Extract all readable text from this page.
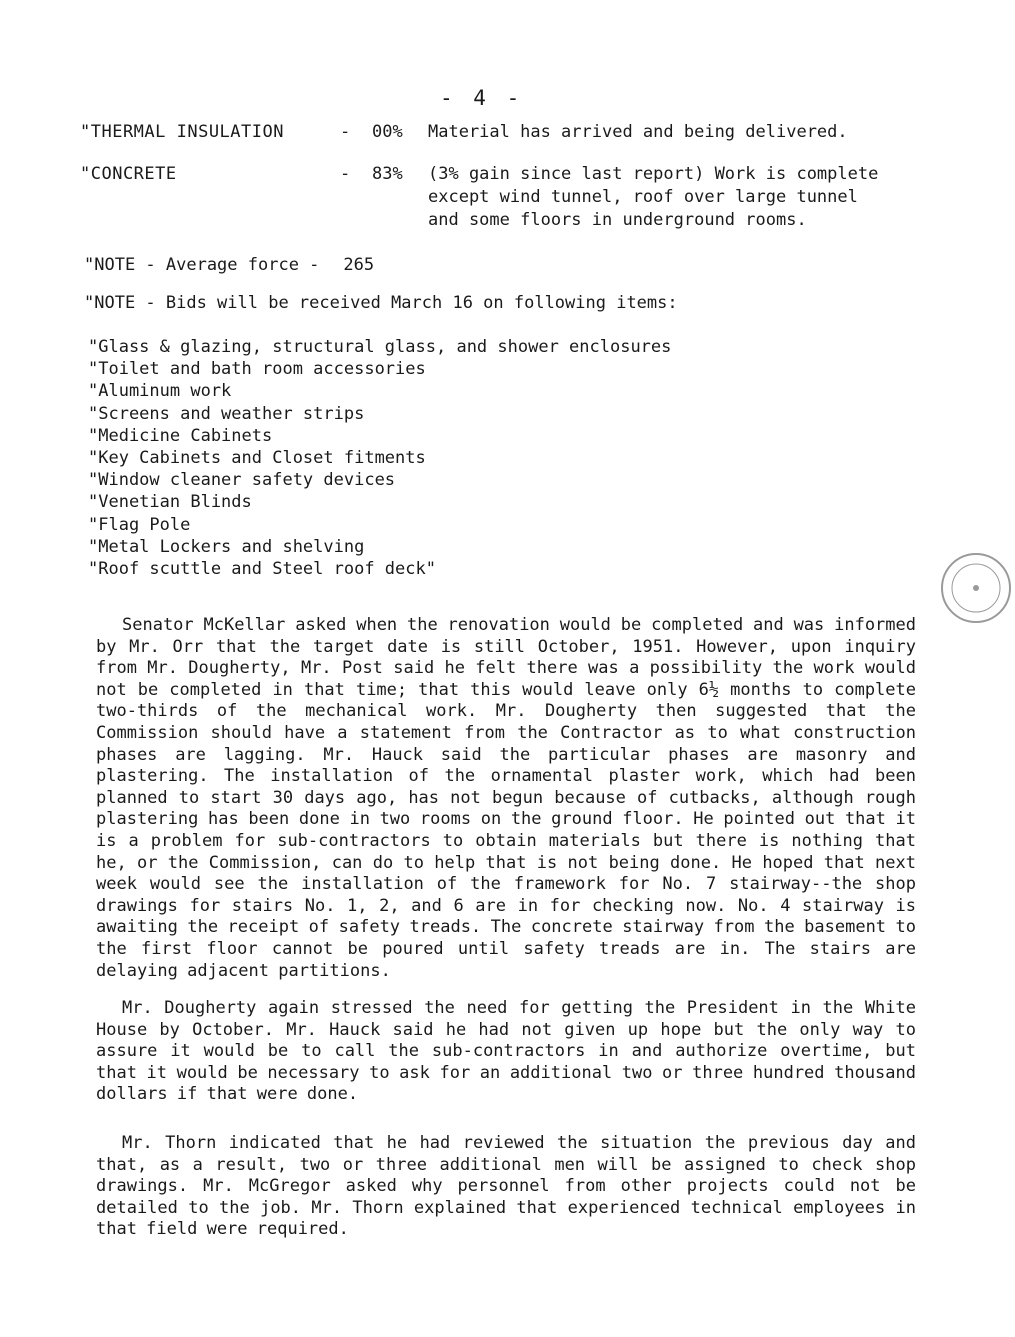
- 4 -
"THERMAL INSULATION	- 00% Material has arrived and being delivered.
"CONCRETE	- 83% (3% gain since last report) Work is complete
except wind tunnel, roof over large tunnel
and some floors in underground rooms.
"NOTE - Average force - 265
"NOTE - Bids will be received March 16 on following items:
"Glass & glazing, structural glass, and shower enclosures
"Toilet and bath room accessories
"Aluminum work
"Screens and weather strips
"Medicine Cabinets
"Key Cabinets and Closet fitments
"Window cleaner safety devices
"Venetian Blinds
"Flag Pole
"Metal Lockers and shelving
"Roof scuttle and Steel roof deck"

Senator McKellar asked when the renovation would be completed and was informed by Mr. Orr that the target date is still October, 1951. However, upon inquiry from Mr. Dougherty, Mr. Post said he felt there was a possibility the work would not be completed in that time; that this would leave only 6½ months to complete two-thirds of the mechanical work. Mr. Dougherty then suggested that the Commission should have a statement from the Contractor as to what construction phases are lagging. Mr. Hauck said the particular phases are masonry and plastering. The installation of the ornamental plaster work, which had been planned to start 30 days ago, has not begun because of cutbacks, although rough plastering has been done in two rooms on the ground floor. He pointed out that it is a problem for sub-contractors to obtain materials but there is nothing that he, or the Commission, can do to help that is not being done. He hoped that next week would see the installation of the framework for No. 7 stairway--the shop drawings for stairs No. 1, 2, and 6 are in for checking now. No. 4 stairway is awaiting the receipt of safety treads. The concrete stairway from the basement to the first floor cannot be poured until safety treads are in. The stairs are delaying adjacent partitions.

Mr. Dougherty again stressed the need for getting the President in the White House by October. Mr. Hauck said he had not given up hope but the only way to assure it would be to call the sub-contractors in and authorize overtime, but that it would be necessary to ask for an additional two or three hundred thousand dollars if that were done.

Mr. Thorn indicated that he had reviewed the situation the previous day and that, as a result, two or three additional men will be assigned to check shop drawings. Mr. McGregor asked why personnel from other projects could not be detailed to the job. Mr. Thorn explained that experienced technical employees in that field were required.
